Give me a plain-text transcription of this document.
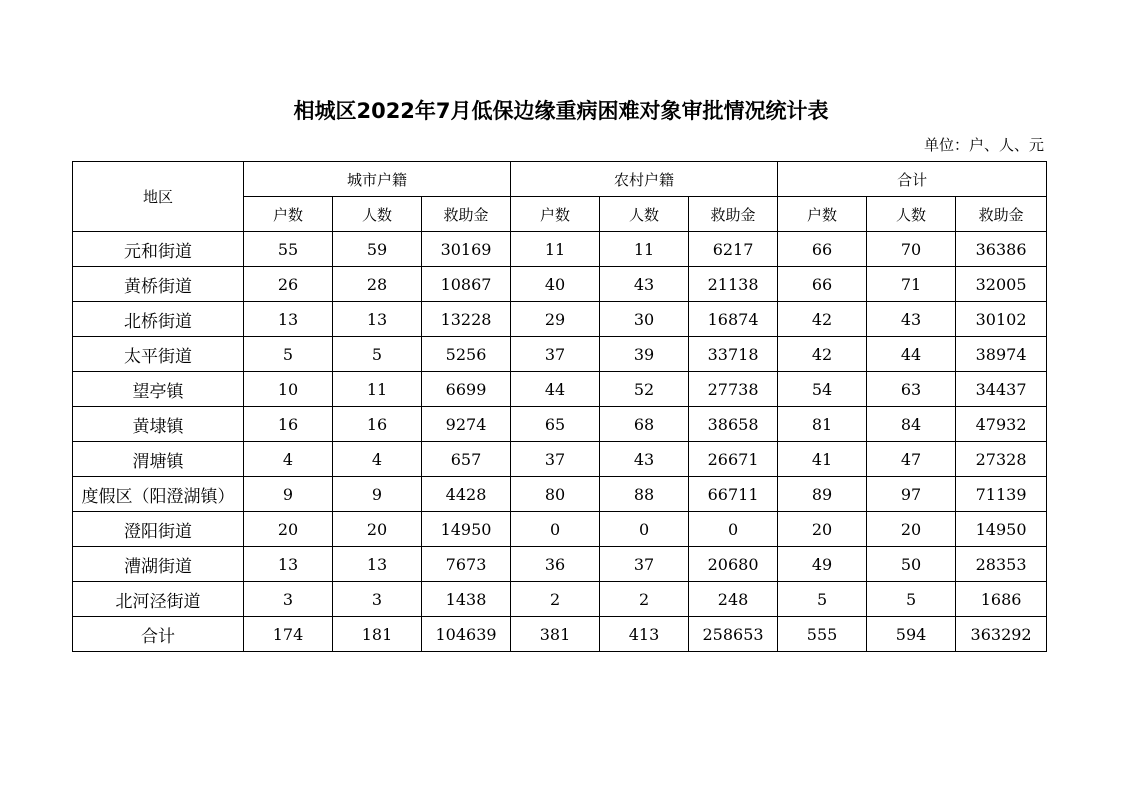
相城区2022年7月低保边缘重病困难对象审批情况统计表
单位：户、人、元
地区	城市户籍			农村户籍			合计		
	户数	人数	救助金	户数	人数	救助金	户数	人数	救助金
元和街道	55	59	30169	11	11	6217	66	70	36386
黄桥街道	26	28	10867	40	43	21138	66	71	32005
北桥街道	13	13	13228	29	30	16874	42	43	30102
太平街道	5	5	5256	37	39	33718	42	44	38974
望亭镇	10	11	6699	44	52	27738	54	63	34437
黄埭镇	16	16	9274	65	68	38658	81	84	47932
渭塘镇	4	4	657	37	43	26671	41	47	27328
度假区（阳澄湖镇）	9	9	4428	80	88	66711	89	97	71139
澄阳街道	20	20	14950	0	0	0	20	20	14950
漕湖街道	13	13	7673	36	37	20680	49	50	28353
北河泾街道	3	3	1438	2	2	248	5	5	1686
合计	174	181	104639	381	413	258653	555	594	363292
